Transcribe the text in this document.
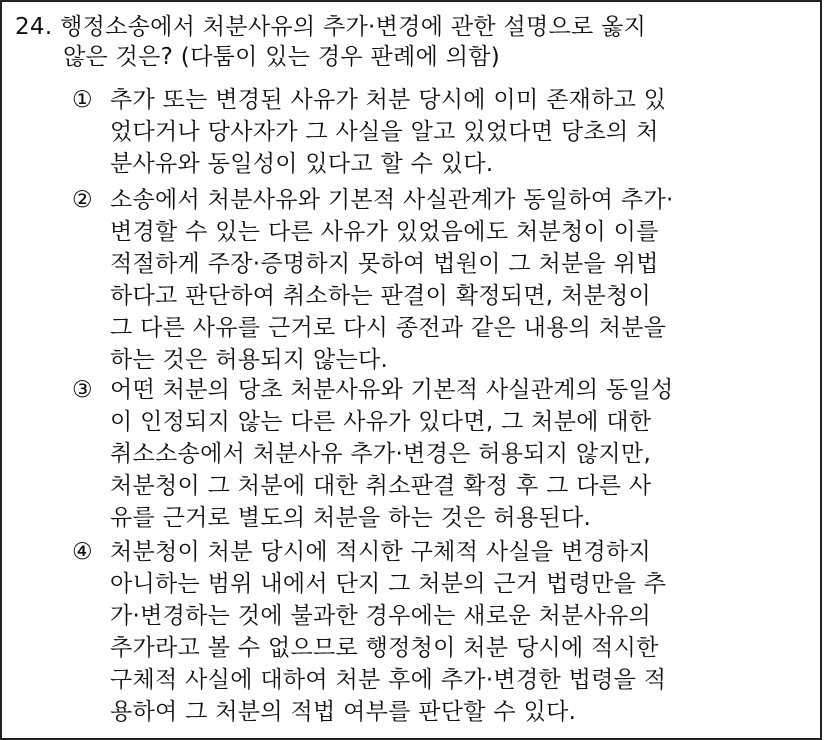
24. 행정소송에서 처분사유의 추가·변경에 관한 설명으로 옳지
않은 것은? (다툼이 있는 경우 판례에 의함)
① 추가 또는 변경된 사유가 처분 당시에 이미 존재하고 있
었다거나 당사자가 그 사실을 알고 있었다면 당초의 처
분사유와 동일성이 있다고 할 수 있다.
② 소송에서 처분사유와 기본적 사실관계가 동일하여 추가·
변경할 수 있는 다른 사유가 있었음에도 처분청이 이를
적절하게 주장·증명하지 못하여 법원이 그 처분을 위법
하다고 판단하여 취소하는 판결이 확정되면, 처분청이
그 다른 사유를 근거로 다시 종전과 같은 내용의 처분을
하는 것은 허용되지 않는다.
③ 어떤 처분의 당초 처분사유와 기본적 사실관계의 동일성
이 인정되지 않는 다른 사유가 있다면, 그 처분에 대한
취소소송에서 처분사유 추가·변경은 허용되지 않지만,
처분청이 그 처분에 대한 취소판결 확정 후 그 다른 사
유를 근거로 별도의 처분을 하는 것은 허용된다.
④ 처분청이 처분 당시에 적시한 구체적 사실을 변경하지
아니하는 범위 내에서 단지 그 처분의 근거 법령만을 추
가·변경하는 것에 불과한 경우에는 새로운 처분사유의
추가라고 볼 수 없으므로 행정청이 처분 당시에 적시한
구체적 사실에 대하여 처분 후에 추가·변경한 법령을 적
용하여 그 처분의 적법 여부를 판단할 수 있다.
